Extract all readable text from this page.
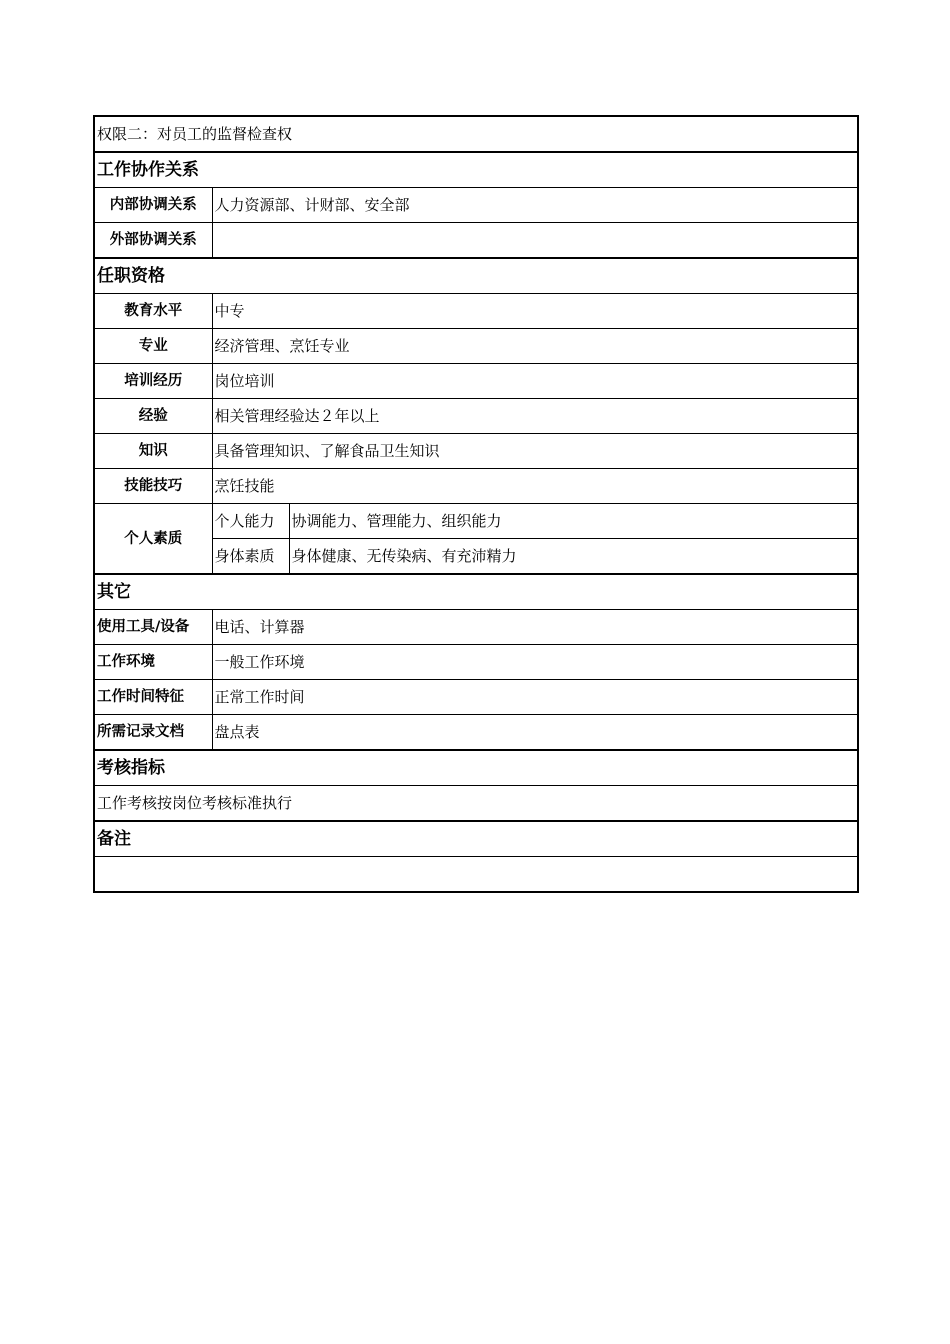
权限二：对员工的监督检查权		
工作协作关系		
内部协调关系	人力资源部、计财部、安全部	
外部协调关系		
任职资格		
教育水平	中专	
专业	经济管理、烹饪专业	
培训经历	岗位培训	
经验	相关管理经验达２年以上	
知识	具备管理知识、了解食品卫生知识	
技能技巧	烹饪技能	
个人素质	个人能力	协调能力、管理能力、组织能力
	身体素质	身体健康、无传染病、有充沛精力
其它		
使用工具/设备	电话、计算器	
工作环境	一般工作环境	
工作时间特征	正常工作时间	
所需记录文档	盘点表	
考核指标		
工作考核按岗位考核标准执行		
备注		
